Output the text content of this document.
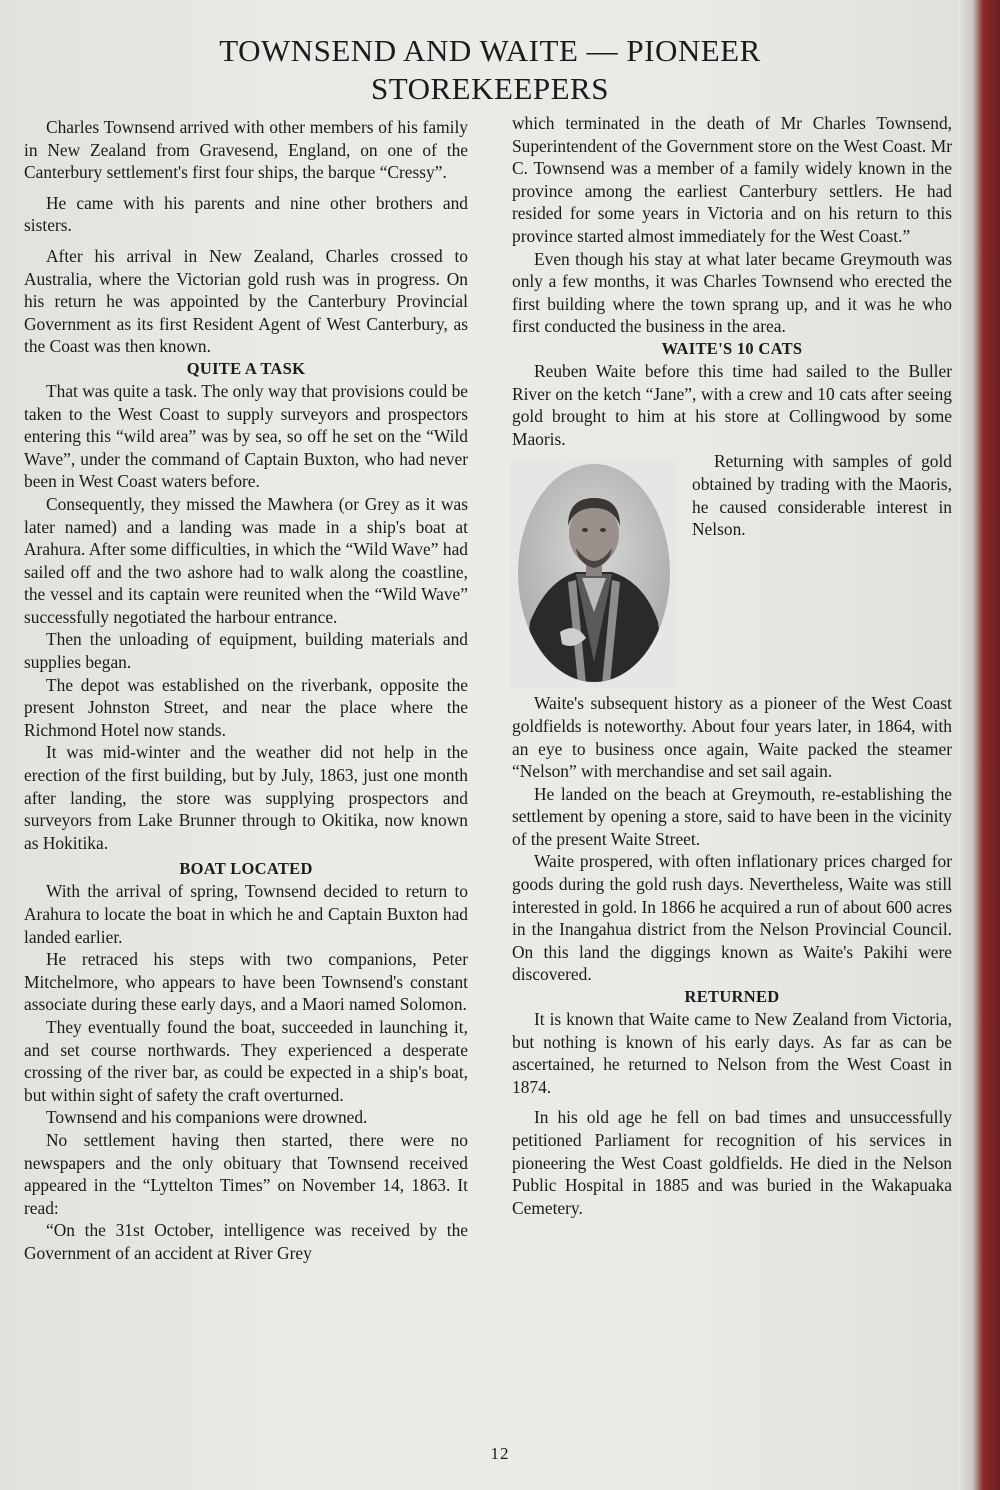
TOWNSEND AND WAITE — PIONEER
STOREKEEPERS

Charles Townsend arrived with other members of his family in New Zealand from Gravesend, England, on one of the Canterbury settlement's first four ships, the barque “Cressy”.

He came with his parents and nine other brothers and sisters.

After his arrival in New Zealand, Charles crossed to Australia, where the Victorian gold rush was in progress. On his return he was appointed by the Canterbury Provincial Government as its first Resident Agent of West Canterbury, as the Coast was then known.

QUITE A TASK

That was quite a task. The only way that provisions could be taken to the West Coast to supply surveyors and prospectors entering this “wild area” was by sea, so off he set on the “Wild Wave”, under the command of Captain Buxton, who had never been in West Coast waters before.

Consequently, they missed the Mawhera (or Grey as it was later named) and a landing was made in a ship's boat at Arahura. After some difficulties, in which the “Wild Wave” had sailed off and the two ashore had to walk along the coastline, the vessel and its captain were reunited when the “Wild Wave” successfully negotiated the harbour entrance.

Then the unloading of equipment, building materials and supplies began.

The depot was established on the riverbank, opposite the present Johnston Street, and near the place where the Richmond Hotel now stands.

It was mid-winter and the weather did not help in the erection of the first building, but by July, 1863, just one month after landing, the store was supplying prospectors and surveyors from Lake Brunner through to Okitika, now known as Hokitika.

BOAT LOCATED

With the arrival of spring, Townsend decided to return to Arahura to locate the boat in which he and Captain Buxton had landed earlier.

He retraced his steps with two companions, Peter Mitchelmore, who appears to have been Townsend's constant associate during these early days, and a Maori named Solomon.

They eventually found the boat, succeeded in launching it, and set course northwards. They experienced a desperate crossing of the river bar, as could be expected in a ship's boat, but within sight of safety the craft overturned.

Townsend and his companions were drowned.

No settlement having then started, there were no newspapers and the only obituary that Townsend received appeared in the “Lyttelton Times” on November 14, 1863. It read:

“On the 31st October, intelligence was received by the Government of an accident at River Grey

which terminated in the death of Mr Charles Townsend, Superintendent of the Government store on the West Coast. Mr C. Townsend was a member of a family widely known in the province among the earliest Canterbury settlers. He had resided for some years in Victoria and on his return to this province started almost immediately for the West Coast.”

Even though his stay at what later became Greymouth was only a few months, it was Charles Townsend who erected the first building where the town sprang up, and it was he who first conducted the business in the area.

WAITE'S 10 CATS

Reuben Waite before this time had sailed to the Buller River on the ketch “Jane”, with a crew and 10 cats after seeing gold brought to him at his store at Collingwood by some Maoris.

Returning with samples of gold obtained by trading with the Maoris, he caused considerable interest in Nelson.

Waite's subsequent history as a pioneer of the West Coast goldfields is noteworthy. About four years later, in 1864, with an eye to business once again, Waite packed the steamer “Nelson” with merchandise and set sail again.

He landed on the beach at Greymouth, re-establishing the settlement by opening a store, said to have been in the vicinity of the present Waite Street.

Waite prospered, with often inflationary prices charged for goods during the gold rush days. Nevertheless, Waite was still interested in gold. In 1866 he acquired a run of about 600 acres in the Inangahua district from the Nelson Provincial Council. On this land the diggings known as Waite's Pakihi were discovered.

RETURNED

It is known that Waite came to New Zealand from Victoria, but nothing is known of his early days. As far as can be ascertained, he returned to Nelson from the West Coast in 1874.

In his old age he fell on bad times and unsuccessfully petitioned Parliament for recognition of his services in pioneering the West Coast goldfields. He died in the Nelson Public Hospital in 1885 and was buried in the Wakapuaka Cemetery.

12
